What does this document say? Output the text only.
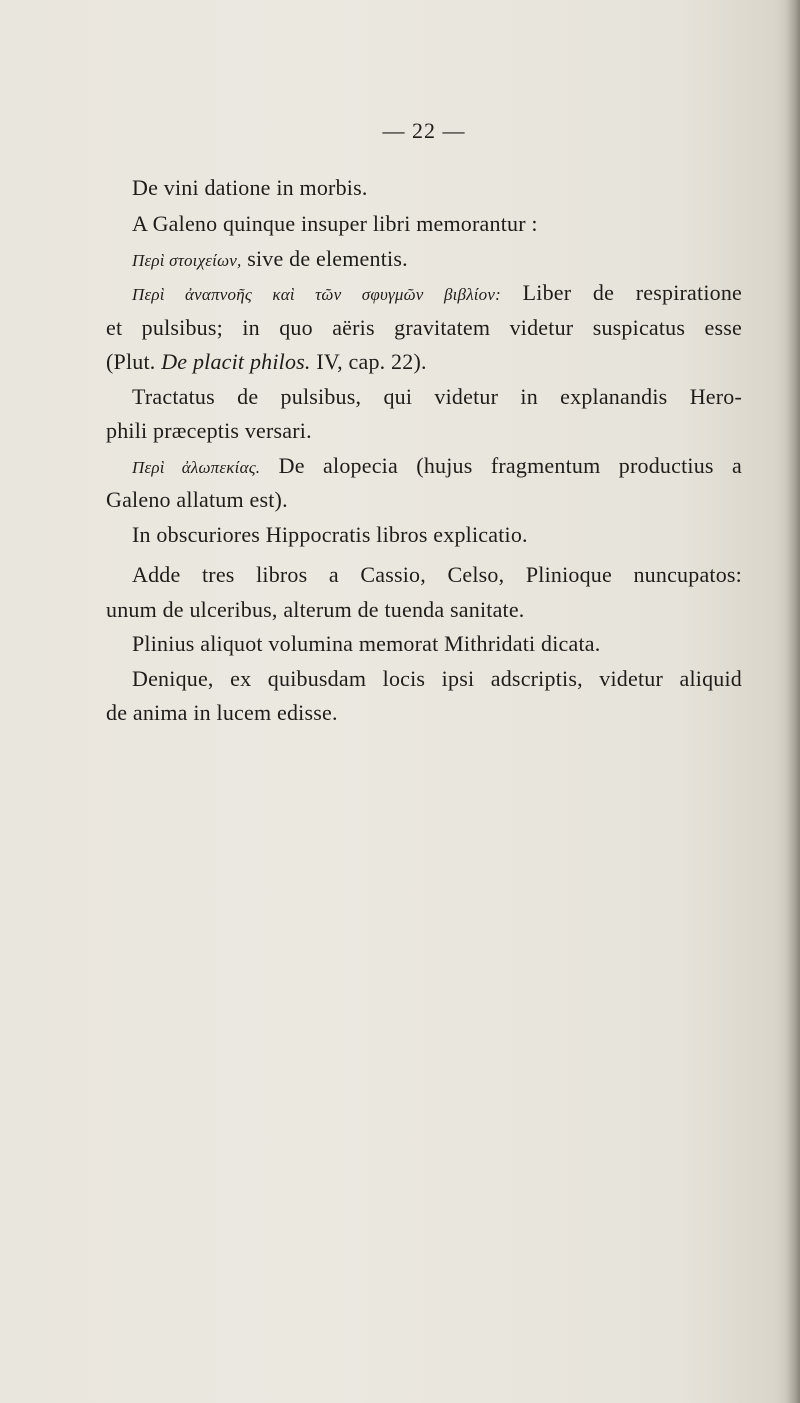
— 22 —
De vini datione in morbis.
A Galeno quinque insuper libri memorantur :
Περὶ στοιχείων, sive de elementis.
Περὶ ἀναπνοῆς καὶ τῶν σφυγμῶν βιβλίον: Liber de respiratione
et pulsibus; in quo aëris gravitatem videtur suspicatus esse
(Plut. De placit philos. IV, cap. 22).
Tractatus de pulsibus, qui videtur in explanandis Hero-
phili præceptis versari.
Περὶ ἀλωπεκίας. De alopecia (hujus fragmentum productius a
Galeno allatum est).
In obscuriores Hippocratis libros explicatio.
Adde tres libros a Cassio, Celso, Plinioque nuncupatos:
unum de ulceribus, alterum de tuenda sanitate.
Plinius aliquot volumina memorat Mithridati dicata.
Denique, ex quibusdam locis ipsi adscriptis, videtur aliquid
de anima in lucem edisse.
